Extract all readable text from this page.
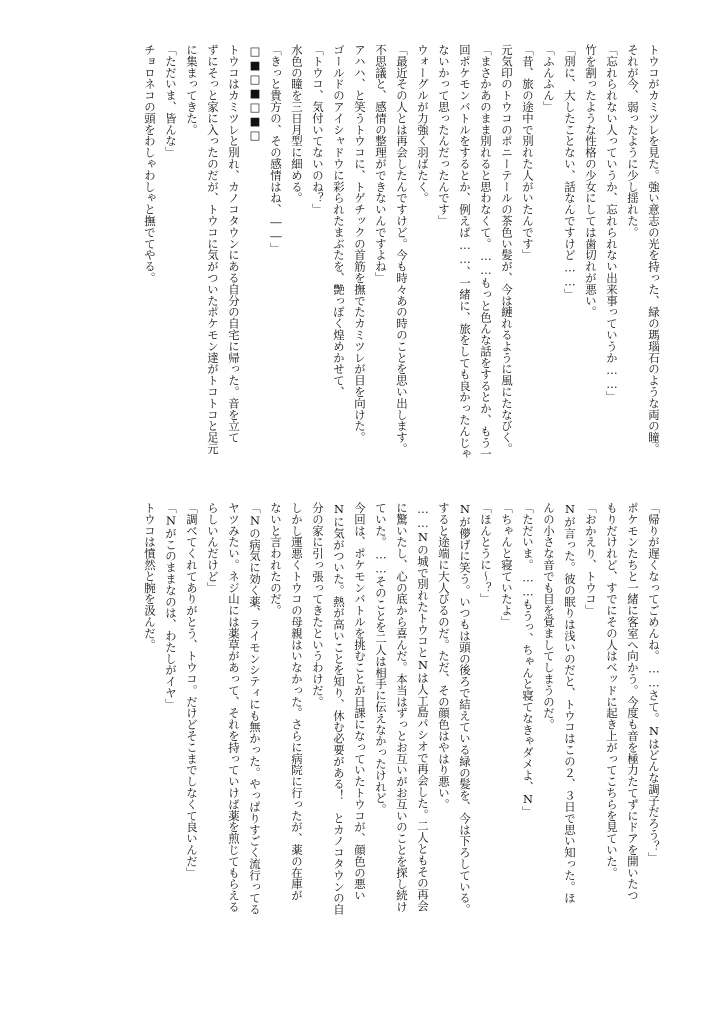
トウコがカミツレを見た。強い意志の光を持った、緑の瑪瑙石のような両の瞳。
それが今、弱ったように少し揺れた。
「忘れられない人っていうか、忘れられない出来事っていうか……」
竹を割ったような性格の少女にしては歯切れが悪い。
「別に、大したことない、話なんですけど……」
「ふんふん」
「昔、旅の途中で別れた人がいたんです」
元気印のトウコのポニーテールの茶色い髪が、今は縺れるように風にたなびく。
「まさかあのまま別れると思わなくて。……もっと色んな話をするとか、もう一
回ポケモンバトルをするとか、例えば……、一緒に、旅をしても良かったんじゃ
ないかって思ったんだったんです」
ウォーグルが力強く羽ばたく。
「最近その人とは再会したんですけど。今も時々あの時のことを思い出します。
不思議と、感情の整理ができないんですよね」
アハハ、と笑うトウコに、トゲチックの首筋を撫でたカミツレが目を向けた。
ゴールドのアイシャドウに彩られたまぶたを、艶っぽく煌めかせて、
「トウコ、気付いてないのね？」
水色の瞳を三日月型に細める。
「きっと貴方の、その感情はね、――」
□■□■□■□
トウコはカミツレと別れ、カノコタウンにある自分の自宅に帰った。音を立て
ずにそっと家に入ったのだが、トウコに気がついたポケモン達がトコトコと足元
に集まってきた。
「ただいま、皆んな」
チョロネコの頭をわしゃわしゃと撫でてやる。
「帰りが遅くなってごめんね。……さて。Nはどんな調子だろう？」
ポケモンたちと一緒に客室へ向かう。今度も音を極力たてずにドアを開いたつ
もりだけれど、すでにその人はベッドに起き上がってこちらを見ていた。
「おかえり、トウコ」
Nが言った。彼の眠りは浅いのだと、トウコはこの２、３日で思い知った。ほ
んの小さな音でも目を覚ましてしまうのだ。
「ただいま。……もうっ、ちゃんと寝てなきゃダメよ、N」
「ちゃんと寝ていたよ」
「ほんとうに～？」
Nが儚げに笑う。いつもは頭の後ろで結えている緑の髪を、今は下ろしている。
すると途端に大人びるのだ。ただ、その顔色はやはり悪い。
……Nの城で別れたトウコとNは人工島パシオで再会した。二人ともその再会
に驚いたし、心の底から喜んだ。本当はずっとお互いがお互いのことを探し続け
ていた。……そのことを二人は相手に伝えなかったけれど。
今回は、ポケモンバトルを挑むことが日課になっていたトウコが、顔色の悪い
Nに気がついた。熱が高いことを知り、休む必要がある！　とカノコタウンの自
分の家に引っ張ってきたというわけだ。
しかし運悪くトウコの母親はいなかった。さらに病院に行ったが、薬の在庫が
ないと言われたのだ。
「Nの病気に効く薬、ライモンシティにも無かった。やっぱりすごく流行ってる
ヤツみたい。ネジ山には薬草があって、それを持っていけば薬を煎じてもらえる
らしいんだけど」
「調べてくれてありがとう、トウコ。だけどそこまでしなくて良いんだ」
「Nがこのままなのは、わたしがイヤ」
トウコは憤然と腕を汲んだ。
